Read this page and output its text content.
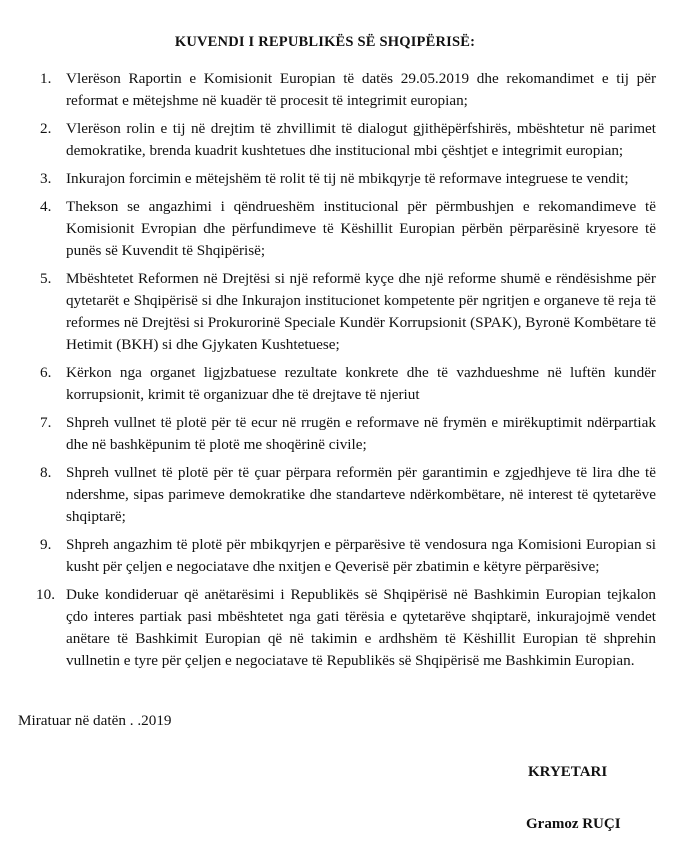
KUVENDI I REPUBLIKËS SË SHQIPËRISË:
1. Vlerëson Raportin e Komisionit Europian të datës 29.05.2019 dhe rekomandimet e tij për reformat e mëtejshme në kuadër të procesit të integrimit europian;
2. Vlerëson rolin e tij në drejtim të zhvillimit të dialogut gjithëpërfshirës, mbështetur në parimet demokratike, brenda kuadrit kushtetues dhe institucional mbi çështjet e integrimit europian;
3. Inkurajon forcimin e mëtejshëm të rolit të tij në mbikqyrje të reformave integruese te vendit;
4. Thekson se angazhimi i qëndrueshëm institucional për përmbushjen e rekomandimeve të Komisionit Evropian dhe përfundimeve të Këshillit Europian përbën përparësinë kryesore të punës së Kuvendit të Shqipërisë;
5. Mbështetet Reformen në Drejtësi si një reformë kyçe dhe një reforme shumë e rëndësishme për qytetarët e Shqipërisë si dhe Inkurajon institucionet kompetente për ngritjen e organeve të reja të reformes në Drejtësi si Prokurorinë Speciale Kundër Korrupsionit (SPAK), Byronë Kombëtare të Hetimit (BKH) si dhe Gjykaten Kushtetuese;
6. Kërkon nga organet ligjzbatuese rezultate konkrete dhe të vazhdueshme në luftën kundër korrupsionit, krimit të organizuar dhe të drejtave të njeriut
7. Shpreh vullnet të plotë për të ecur në rrugën e reformave në frymën e mirëkuptimit ndërpartiak dhe në bashkëpunim të plotë me shoqërinë civile;
8. Shpreh vullnet të plotë për të çuar përpara reformën për garantimin e zgjedhjeve të lira dhe të ndershme, sipas parimeve demokratike dhe standarteve ndërkombëtare, në interest të qytetarëve shqiptarë;
9. Shpreh angazhim të plotë për mbikqyrjen e përparësive të vendosura nga Komisioni Europian si kusht për çeljen e negociatave dhe nxitjen e Qeverisë për zbatimin e këtyre përparësive;
10. Duke kondideruar që anëtarësimi i Republikës së Shqipërisë në Bashkimin Europian tejkalon çdo interes partiak pasi mbështetet nga gati tërësia e qytetarëve shqiptarë, inkurajojmë vendet anëtare të Bashkimit Europian që në takimin e ardhshëm të Këshillit Europian të shprehin vullnetin e tyre për çeljen e negociatave të Republikës së Shqipërisë me Bashkimin Europian.
Miratuar në datën . .2019
KRYETARI
Gramoz RUÇI
